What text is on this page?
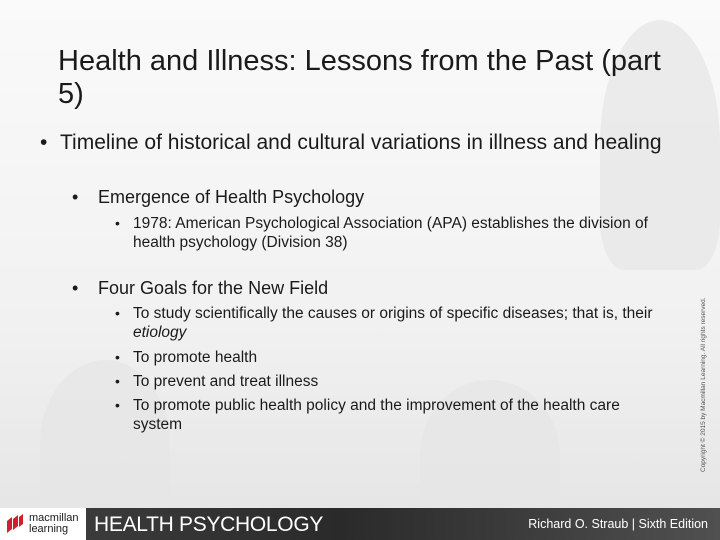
Health and Illness: Lessons from the Past (part 5)
• Timeline of historical and cultural variations in illness and healing
• Emergence of Health Psychology
• 1978: American Psychological Association (APA) establishes the division of health psychology (Division 38)
• Four Goals for the New Field
• To study scientifically the causes or origins of specific diseases; that is, their etiology
• To promote health
• To prevent and treat illness
• To promote public health policy and the improvement of the health care system	Copyright © 2015 by Macmillan Learning. All rights reserved.
macmillan
learning	HEALTH PSYCHOLOGY	Richard O. Straub | Sixth Edition
